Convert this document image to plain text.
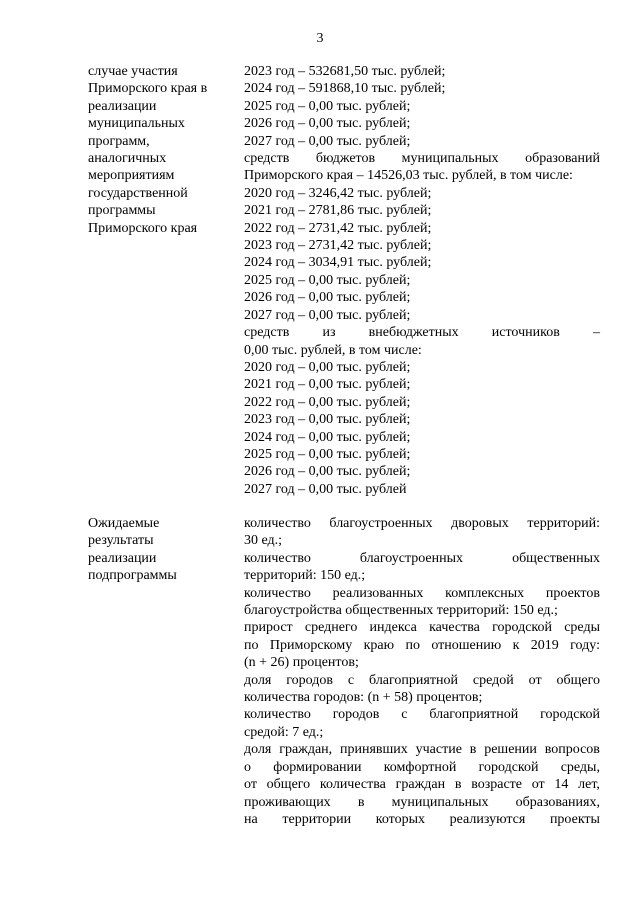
3
случае участия
Приморского края в
реализации
муниципальных
программ,
аналогичных
мероприятиям
государственной
программы
Приморского края
2023 год – 532681,50 тыс. рублей;
2024 год – 591868,10 тыс. рублей;
2025 год – 0,00 тыс. рублей;
2026 год – 0,00 тыс. рублей;
2027 год – 0,00 тыс. рублей;
средств бюджетов муниципальных образований
Приморского края – 14526,03 тыс. рублей, в том числе:
2020 год – 3246,42 тыс. рублей;
2021 год – 2781,86 тыс. рублей;
2022 год – 2731,42 тыс. рублей;
2023 год – 2731,42 тыс. рублей;
2024 год – 3034,91 тыс. рублей;
2025 год – 0,00 тыс. рублей;
2026 год – 0,00 тыс. рублей;
2027 год – 0,00 тыс. рублей;
средств из внебюджетных источников –
0,00 тыс. рублей, в том числе:
2020 год – 0,00 тыс. рублей;
2021 год – 0,00 тыс. рублей;
2022 год – 0,00 тыс. рублей;
2023 год – 0,00 тыс. рублей;
2024 год – 0,00 тыс. рублей;
2025 год – 0,00 тыс. рублей;
2026 год – 0,00 тыс. рублей;
2027 год – 0,00 тыс. рублей
Ожидаемые
результаты
реализации
подпрограммы
количество благоустроенных дворовых территорий:
30 ед.;
количество	благоустроенных	общественных
территорий: 150 ед.;
количество реализованных комплексных проектов
благоустройства общественных территорий: 150 ед.;
прирост среднего индекса качества городской среды
по Приморскому краю по отношению к 2019 году:
(n + 26) процентов;
доля городов с благоприятной средой от общего
количества городов: (n + 58) процентов;
количество городов с благоприятной городской
средой: 7 ед.;
доля граждан, принявших участие в решении вопросов
о формировании комфортной городской среды,
от общего количества граждан в возрасте от 14 лет,
проживающих в муниципальных образованиях,
на территории которых реализуются проекты
